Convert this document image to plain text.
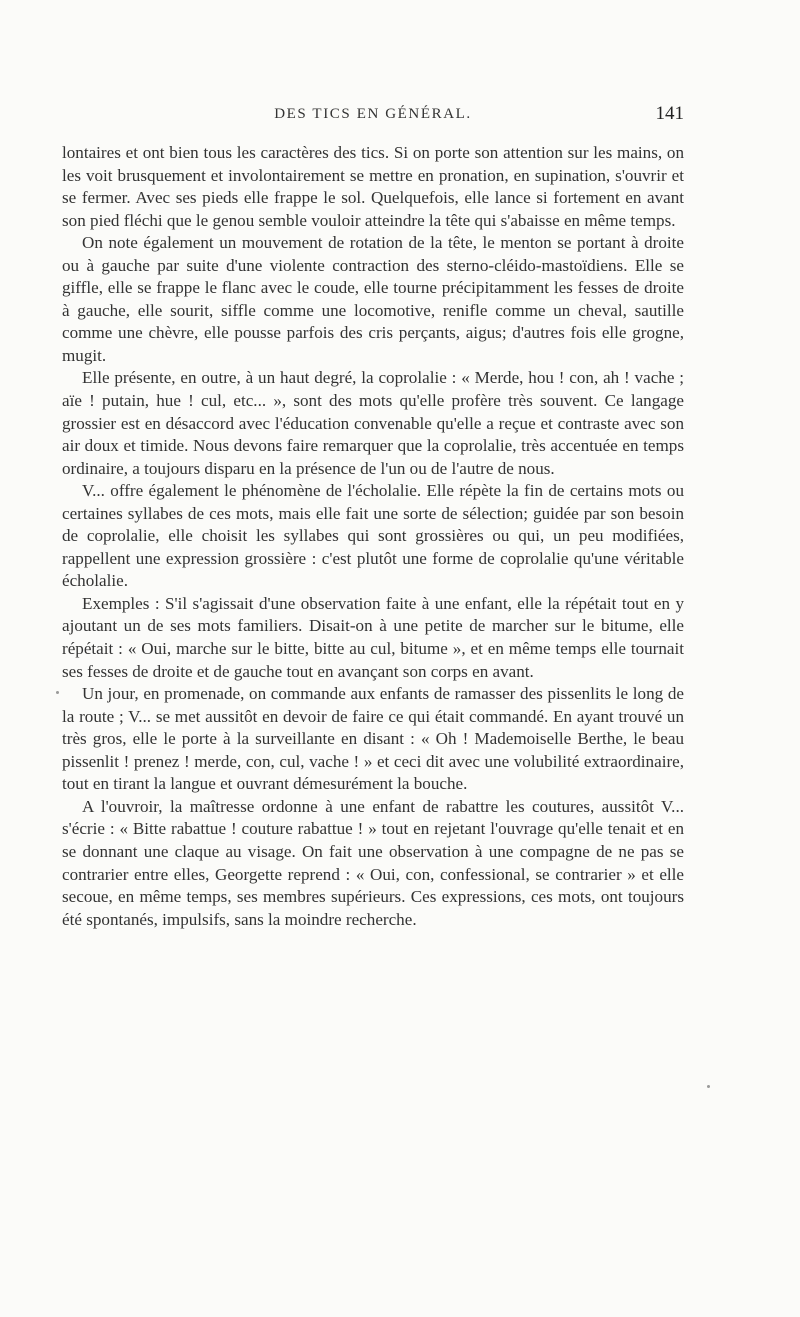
DES TICS EN GÉNÉRAL.	141

lontaires et ont bien tous les caractères des tics. Si on porte son attention sur les mains, on les voit brusquement et involontairement se mettre en pronation, en supination, s'ouvrir et se fermer. Avec ses pieds elle frappe le sol. Quelquefois, elle lance si fortement en avant son pied fléchi que le genou semble vouloir atteindre la tête qui s'abaisse en même temps.

On note également un mouvement de rotation de la tête, le menton se portant à droite ou à gauche par suite d'une violente contraction des sterno-cléido-mastoïdiens. Elle se giffle, elle se frappe le flanc avec le coude, elle tourne précipitamment les fesses de droite à gauche, elle sourit, siffle comme une locomotive, renifle comme un cheval, sautille comme une chèvre, elle pousse parfois des cris perçants, aigus; d'autres fois elle grogne, mugit.

Elle présente, en outre, à un haut degré, la coprolalie : « Merde, hou ! con, ah ! vache ; aïe ! putain, hue ! cul, etc... », sont des mots qu'elle profère très souvent. Ce langage grossier est en désaccord avec l'éducation convenable qu'elle a reçue et contraste avec son air doux et timide. Nous devons faire remarquer que la coprolalie, très accentuée en temps ordinaire, a toujours disparu en la présence de l'un ou de l'autre de nous.

V... offre également le phénomène de l'écholalie. Elle répète la fin de certains mots ou certaines syllabes de ces mots, mais elle fait une sorte de sélection; guidée par son besoin de coprolalie, elle choisit les syllabes qui sont grossières ou qui, un peu modifiées, rappellent une expression grossière : c'est plutôt une forme de coprolalie qu'une véritable écholalie.

Exemples : S'il s'agissait d'une observation faite à une enfant, elle la répétait tout en y ajoutant un de ses mots familiers. Disait-on à une petite de marcher sur le bitume, elle répétait : « Oui, marche sur le bitte, bitte au cul, bitume », et en même temps elle tournait ses fesses de droite et de gauche tout en avançant son corps en avant.

Un jour, en promenade, on commande aux enfants de ramasser des pissenlits le long de la route ; V... se met aussitôt en devoir de faire ce qui était commandé. En ayant trouvé un très gros, elle le porte à la surveillante en disant : « Oh ! Mademoiselle Berthe, le beau pissenlit ! prenez ! merde, con, cul, vache ! » et ceci dit avec une volubilité extraordinaire, tout en tirant la langue et ouvrant démesurément la bouche.

A l'ouvroir, la maîtresse ordonne à une enfant de rabattre les coutures, aussitôt V... s'écrie : « Bitte rabattue ! couture rabattue ! » tout en rejetant l'ouvrage qu'elle tenait et en se donnant une claque au visage. On fait une observation à une compagne de ne pas se contrarier entre elles, Georgette reprend : « Oui, con, confessional, se contrarier » et elle secoue, en même temps, ses membres supérieurs. Ces expressions, ces mots, ont toujours été spontanés, impulsifs, sans la moindre recherche.
